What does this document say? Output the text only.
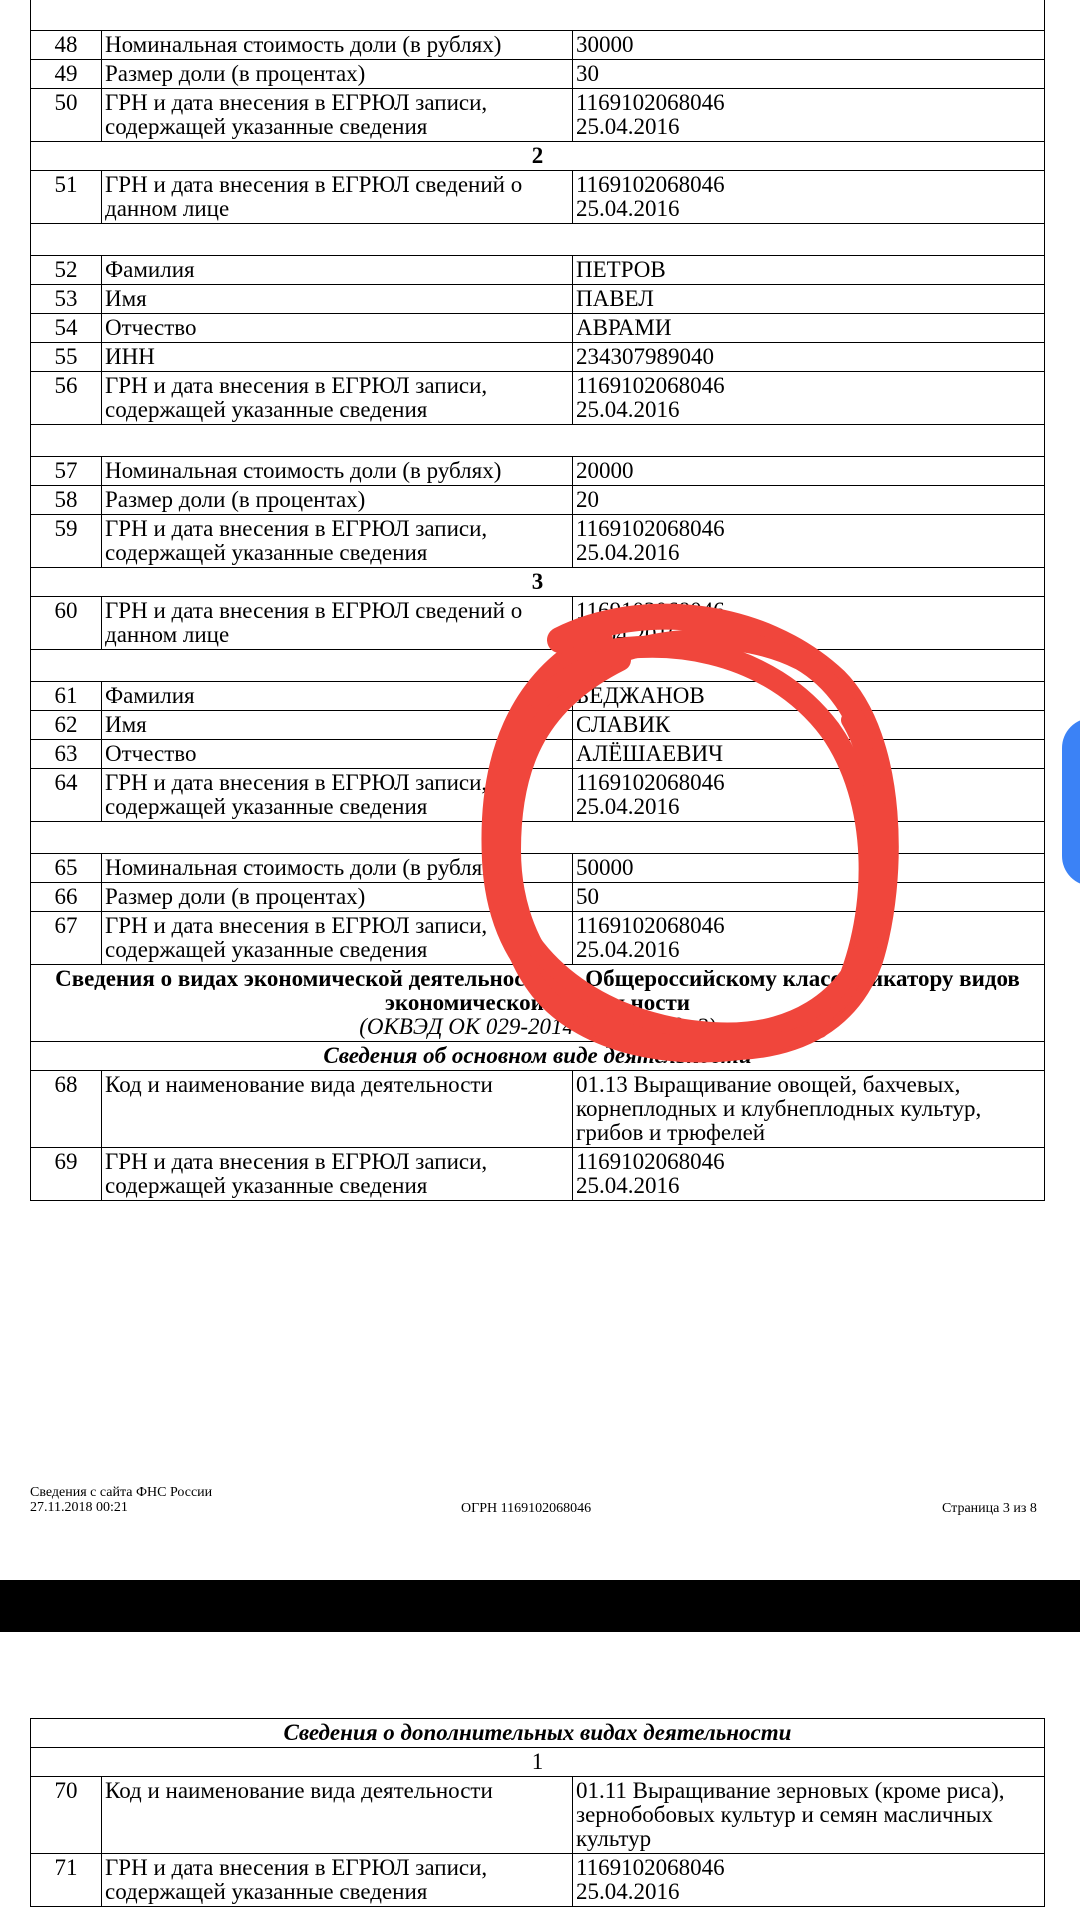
48	Номинальная стоимость доли (в рублях)	30000
49	Размер доли (в процентах)	30
50	ГРН и дата внесения в ЕГРЮЛ записи, содержащей указанные сведения	1169102068046
25.04.2016
2		
51	ГРН и дата внесения в ЕГРЮЛ сведений о данном лице	1169102068046
25.04.2016

52	Фамилия	ПЕТРОВ
53	Имя	ПАВЕЛ
54	Отчество	АВРАМИ
55	ИНН	234307989040
56	ГРН и дата внесения в ЕГРЮЛ записи, содержащей указанные сведения	1169102068046
25.04.2016

57	Номинальная стоимость доли (в рублях)	20000
58	Размер доли (в процентах)	20
59	ГРН и дата внесения в ЕГРЮЛ записи, содержащей указанные сведения	1169102068046
25.04.2016
3		
60	ГРН и дата внесения в ЕГРЮЛ сведений о данном лице	1169102068046
25.04.2016

61	Фамилия	БЕДЖАНОВ
62	Имя	СЛАВИК
63	Отчество	АЛЁШАЕВИЧ
64	ГРН и дата внесения в ЕГРЮЛ записи, содержащей указанные сведения	1169102068046
25.04.2016

65	Номинальная стоимость доли (в рублях)	50000
66	Размер доли (в процентах)	50
67	ГРН и дата внесения в ЕГРЮЛ записи, содержащей указанные сведения	1169102068046
25.04.2016

Сведения о видах экономической деятельности по Общероссийскому классификатору видов экономической деятельности
(ОКВЭД ОК 029-2014 КДЕС. Ред. 2)		

Сведения об основном виде деятельности		
68	Код и наименование вида деятельности	01.13 Выращивание овощей, бахчевых, корнеплодных и клубнеплодных культур, грибов и трюфелей
69	ГРН и дата внесения в ЕГРЮЛ записи, содержащей указанные сведения	1169102068046
25.04.2016
Сведения с сайта ФНС России
27.11.2018 00:21	ОГРН 1169102068046	Страница 3 из 8
Сведения о дополнительных видах деятельности		
1		
70	Код и наименование вида деятельности	01.11 Выращивание зерновых (кроме риса), зернобобовых культур и семян масличных культур
71	ГРН и дата внесения в ЕГРЮЛ записи, содержащей указанные сведения	1169102068046
25.04.2016
